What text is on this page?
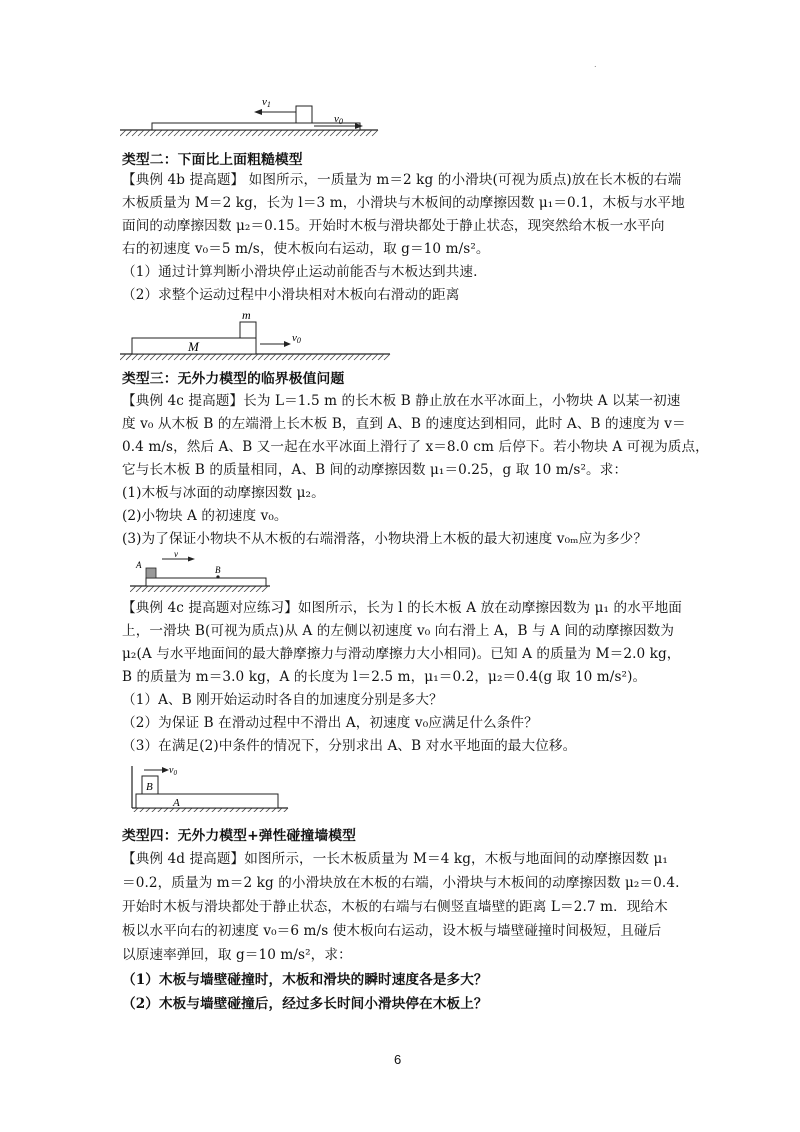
.
v1
v0
类型二：下面比上面粗糙模型
【典例 4b 提高题】 如图所示，一质量为 m＝2 kg 的小滑块(可视为质点)放在长木板的右端
木板质量为 M＝2 kg，长为 l＝3 m，小滑块与木板间的动摩擦因数 μ₁＝0.1，木板与水平地
面间的动摩擦因数 μ₂＝0.15。开始时木板与滑块都处于静止状态，现突然给木板一水平向
右的初速度 v₀＝5 m/s，使木板向右运动，取 g＝10 m/s²。
（1）通过计算判断小滑块停止运动前能否与木板达到共速.
（2）求整个运动过程中小滑块相对木板向右滑动的距离
m
M
v0
类型三：无外力模型的临界极值问题
【典例 4c 提高题】长为 L＝1.5 m 的长木板 B 静止放在水平冰面上，小物块 A 以某一初速
度 v₀ 从木板 B 的左端滑上长木板 B，直到 A、B 的速度达到相同，此时 A、B 的速度为 v＝
0.4 m/s，然后 A、B 又一起在水平冰面上滑行了 x＝8.0 cm 后停下。若小物块 A 可视为质点，
它与长木板 B 的质量相同，A、B 间的动摩擦因数 μ₁＝0.25，g 取 10 m/s²。求：
(1)木板与冰面的动摩擦因数 μ₂。
(2)小物块 A 的初速度 v₀。
(3)为了保证小物块不从木板的右端滑落，小物块滑上木板的最大初速度 v₀ₘ应为多少？
A
v
B
【典例 4c 提高题对应练习】如图所示，长为 l 的长木板 A 放在动摩擦因数为 μ₁ 的水平地面
上，一滑块 B(可视为质点)从 A 的左侧以初速度 v₀ 向右滑上 A，B 与 A 间的动摩擦因数为
μ₂(A 与水平地面间的最大静摩擦力与滑动摩擦力大小相同)。已知 A 的质量为 M＝2.0 kg，
B 的质量为 m＝3.0 kg，A 的长度为 l＝2.5 m，μ₁＝0.2，μ₂＝0.4(g 取 10 m/s²)。
（1）A、B 刚开始运动时各自的加速度分别是多大？
（2）为保证 B 在滑动过程中不滑出 A，初速度 v₀应满足什么条件？
（3）在满足(2)中条件的情况下，分别求出 A、B 对水平地面的最大位移。
B
A
$v_0$
类型四：无外力模型+弹性碰撞墙模型
【典例 4d 提高题】如图所示，一长木板质量为 M＝4 kg，木板与地面间的动摩擦因数 μ₁
＝0.2，质量为 m＝2 kg 的小滑块放在木板的右端，小滑块与木板间的动摩擦因数 μ₂＝0.4.
开始时木板与滑块都处于静止状态，木板的右端与右侧竖直墙壁的距离 L＝2.7 m．现给木
板以水平向右的初速度 v₀＝6 m/s 使木板向右运动，设木板与墙壁碰撞时间极短，且碰后
以原速率弹回，取 g＝10 m/s²，求：
（1）木板与墙壁碰撞时，木板和滑块的瞬时速度各是多大？
（2）木板与墙壁碰撞后，经过多长时间小滑块停在木板上？
6
